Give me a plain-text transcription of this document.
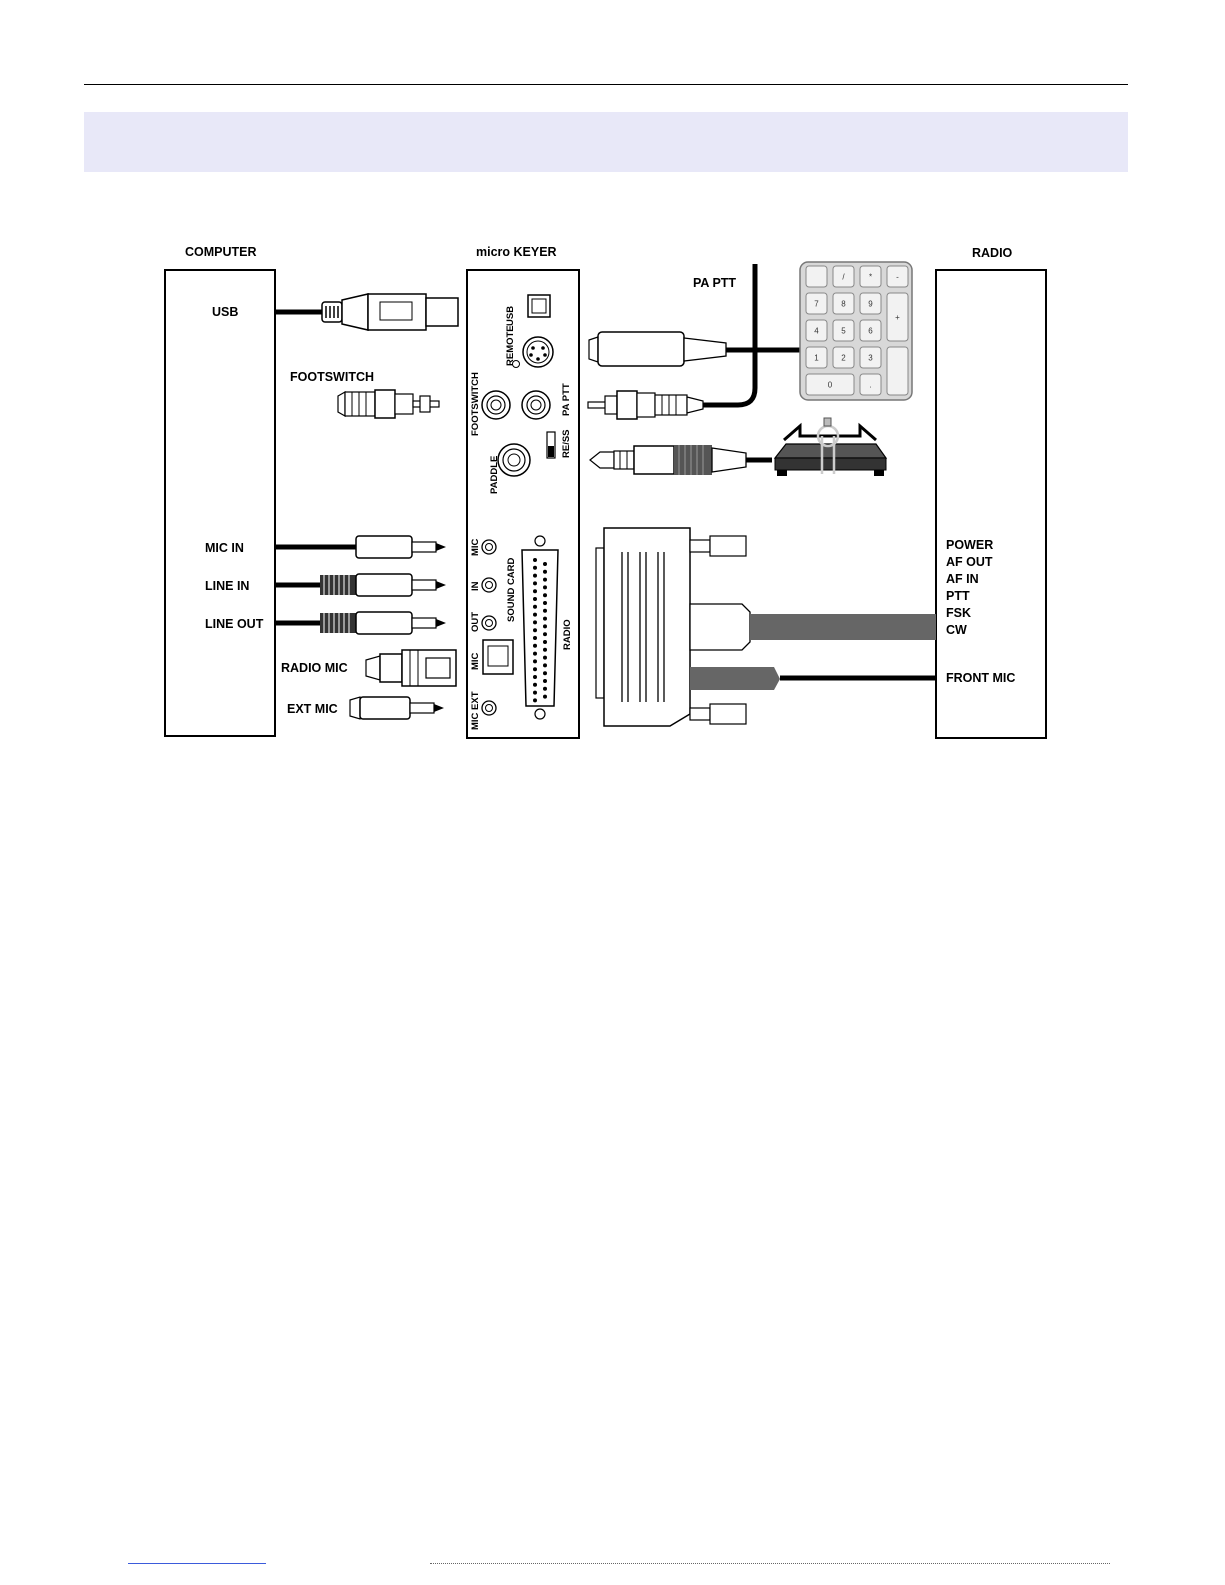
COMPUTER	micro KEYER	RADIO
USB
FOOTSWITCH
MIC IN
LINE IN
LINE OUT
RADIO MIC
EXT MIC
USB
REMOTE
FOOTSWITCH	PA PTT
RE/SS
PADDLE
MIC
IN
OUT	SOUND CARD
MIC
MIC EXT
RADIO
PA PTT	/	*	-
7	8	9
+
4	5	6
1	2	3
0	.
POWER
AF OUT
AF IN
PTT
FSK
CW
FRONT MIC
